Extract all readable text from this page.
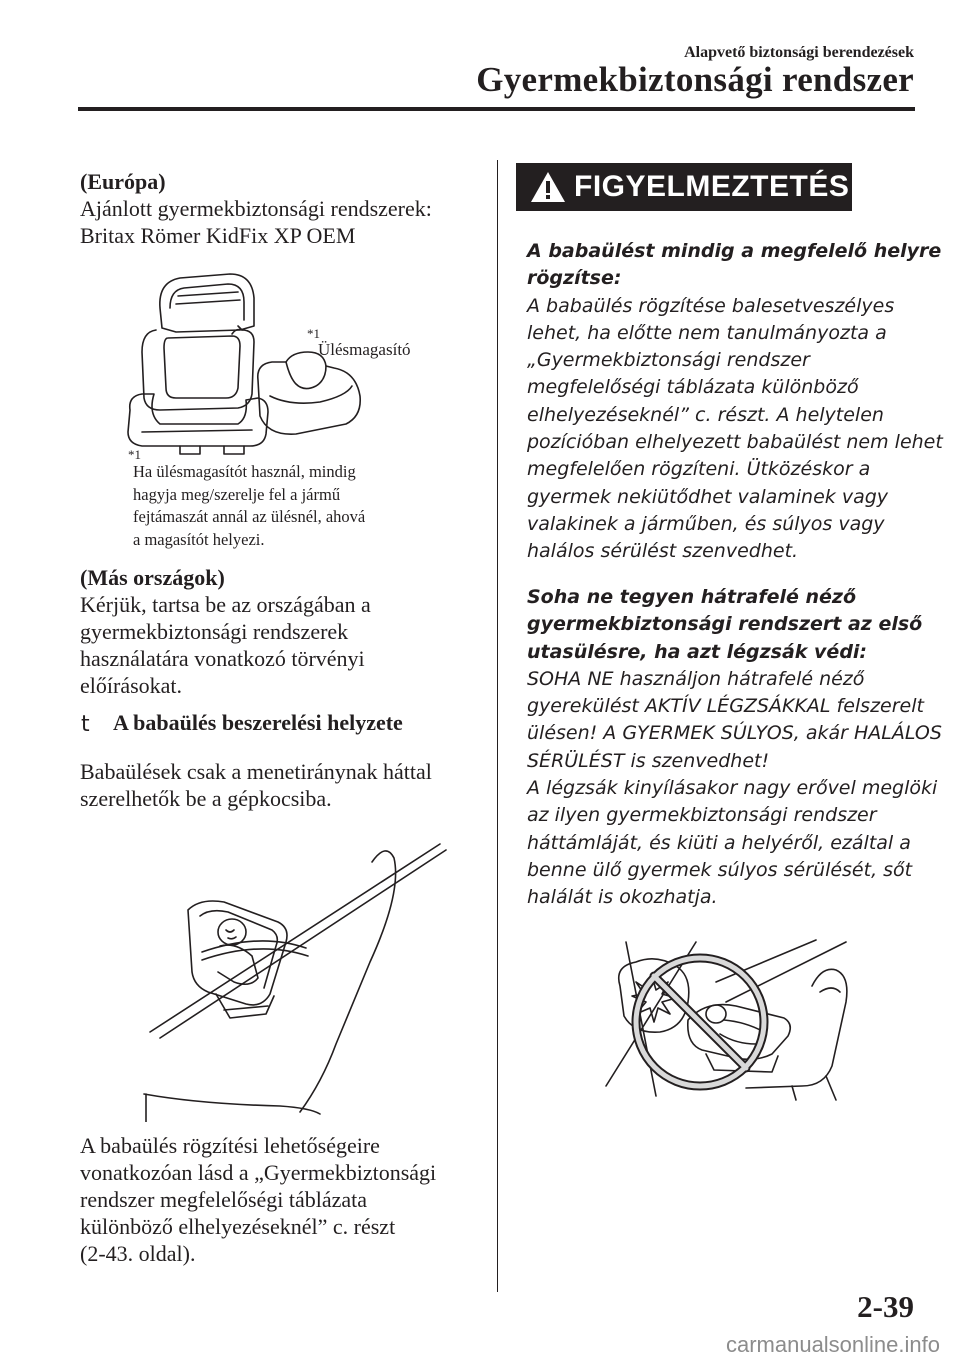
Alapvető biztonsági berendezések
Gyermekbiztonsági rendszer

(Európa)

Ajánlott gyermekbiztonsági rendszerek:

Britax Römer KidFix XP OEM

*1
Ülésmagasító
*1

Ha ülésmagasítót használ, mindig

hagyja meg/szerelje fel a jármű

fejtámaszát annál az ülésnél, ahová

a magasítót helyezi.

(Más országok)

Kérjük, tartsa be az országában a

gyermekbiztonsági rendszerek

használatára vonatkozó törvényi

előírásokat.

t A babaülés beszerelési helyzete

Babaülések csak a menetiránynak háttal

szerelhetők be a gépkocsiba.

A babaülés rögzítési lehetőségeire

vonatkozóan lásd a „Gyermekbiztonsági

rendszer megfelelőségi táblázata

különböző elhelyezéseknél” c. részt

(2-43. oldal).

FIGYELMEZTETÉS

A babaülést mindig a megfelelő helyre

rögzítse:

A babaülés rögzítése balesetveszélyes

lehet, ha előtte nem tanulmányozta a

„Gyermekbiztonsági rendszer

megfelelőségi táblázata különböző

elhelyezéseknél” c. részt. A helytelen

pozícióban elhelyezett babaülést nem lehet

megfelelően rögzíteni. Ütközéskor a

gyermek nekiütődhet valaminek vagy

valakinek a járműben, és súlyos vagy

halálos sérülést szenvedhet.

Soha ne tegyen hátrafelé néző

gyermekbiztonsági rendszert az első

utasülésre, ha azt légzsák védi:

SOHA NE használjon hátrafelé néző

gyerekülést AKTÍV LÉGZSÁKKAL felszerelt

ülésen! A GYERMEK SÚLYOS, akár HALÁLOS

SÉRÜLÉST is szenvedhet!

A légzsák kinyílásakor nagy erővel meglöki

az ilyen gyermekbiztonsági rendszer

háttámláját, és kiüti a helyéről, ezáltal a

benne ülő gyermek súlyos sérülését, sőt

halálát is okozhatja.

2-39
carmanualsonline.info
